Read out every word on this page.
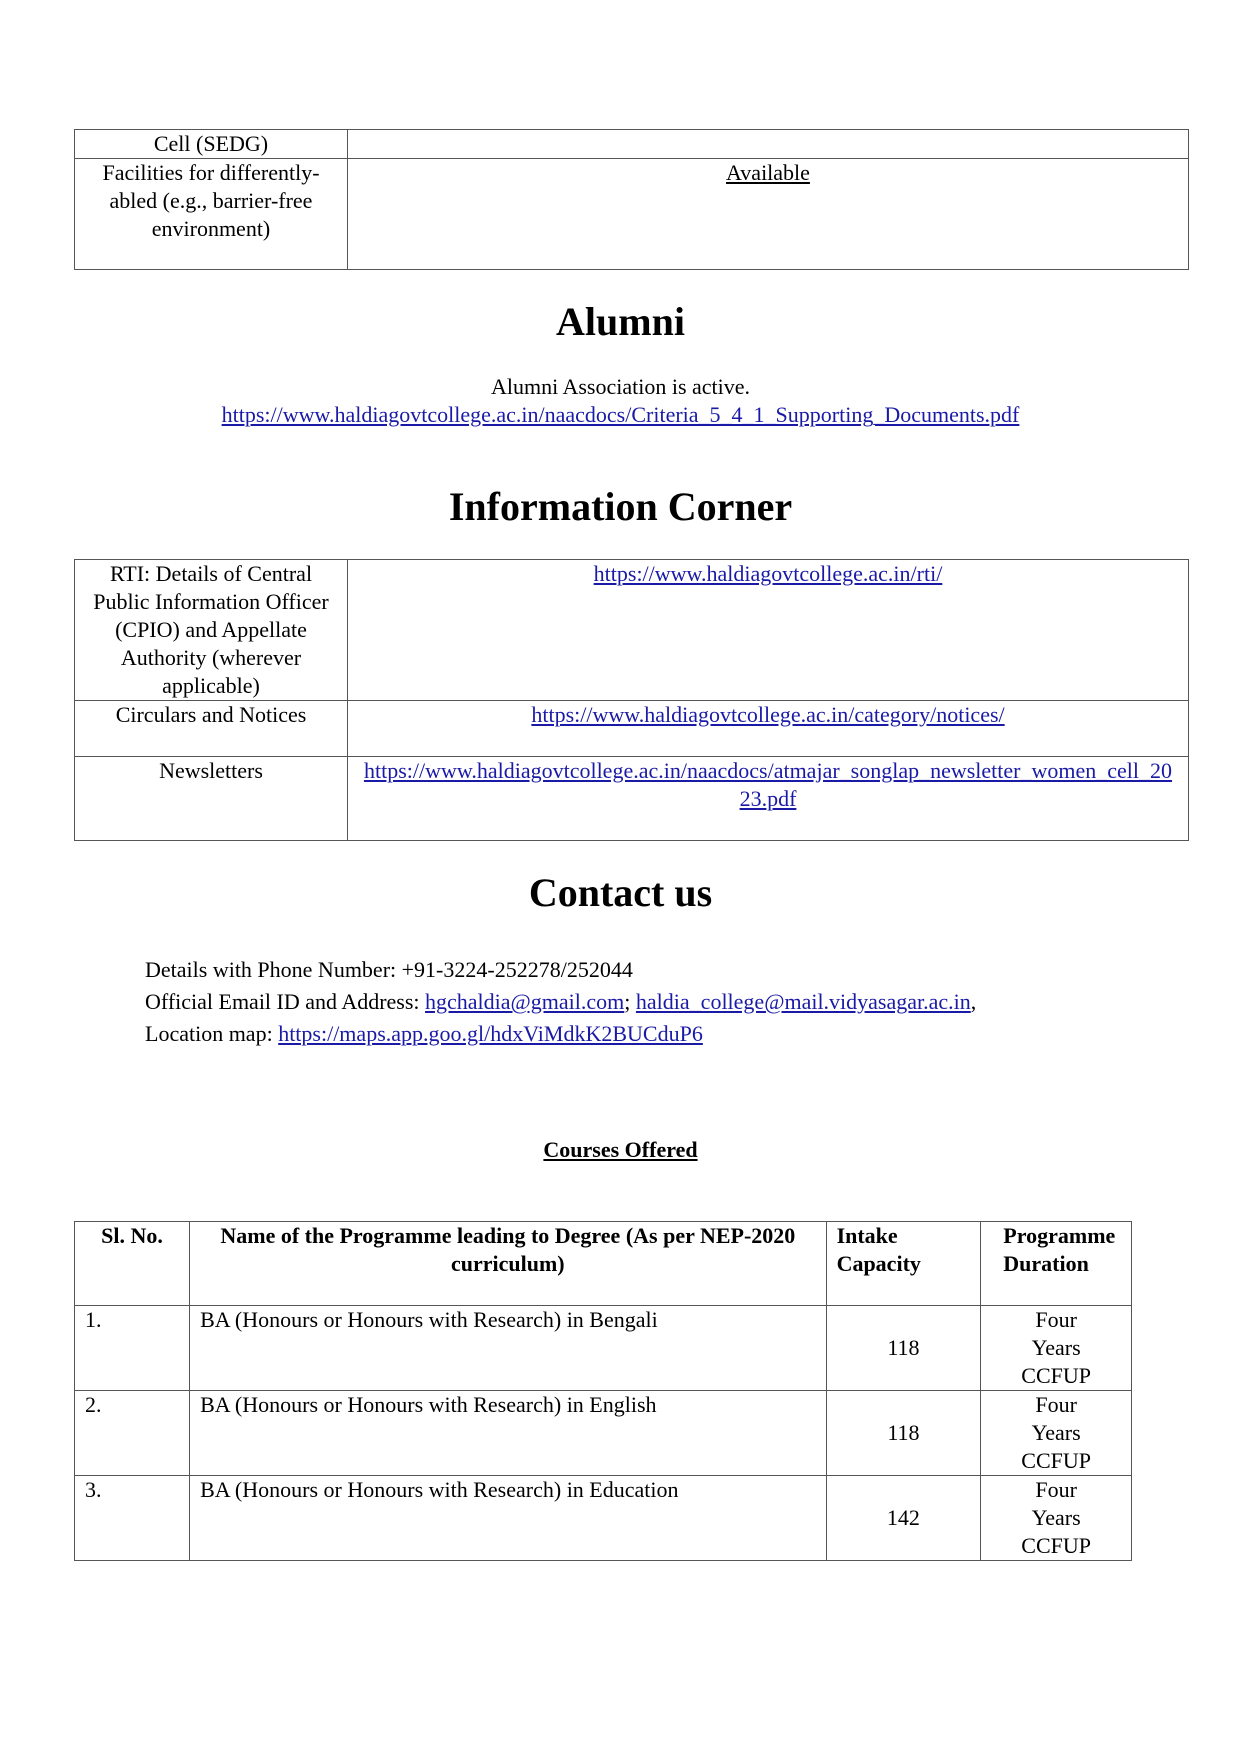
Cell (SEDG)	
Facilities for differently-abled (e.g., barrier-free environment)	Available
Alumni
Alumni Association is active.
https://www.haldiagovtcollege.ac.in/naacdocs/Criteria_5_4_1_Supporting_Documents.pdf
Information Corner
RTI: Details of Central Public Information Officer (CPIO) and Appellate Authority (wherever applicable)	https://www.haldiagovtcollege.ac.in/rti/
Circulars and Notices	https://www.haldiagovtcollege.ac.in/category/notices/
Newsletters	https://www.haldiagovtcollege.ac.in/naacdocs/atmajar_songlap_newsletter_women_cell_2023.pdf
Contact us
Details with Phone Number: +91-3224-252278/252044
Official Email ID and Address: hgchaldia@gmail.com; haldia_college@mail.vidyasagar.ac.in,
Location map: https://maps.app.goo.gl/hdxViMdkK2BUCduP6
Courses Offered
Sl. No.	Name of the Programme leading to Degree (As per NEP-2020 curriculum)	Intake Capacity	Programme Duration
1.	BA (Honours or Honours with Research) in Bengali	118	Four Years CCFUP
2.	BA (Honours or Honours with Research) in English	118	Four Years CCFUP
3.	BA (Honours or Honours with Research) in Education	142	Four Years CCFUP
